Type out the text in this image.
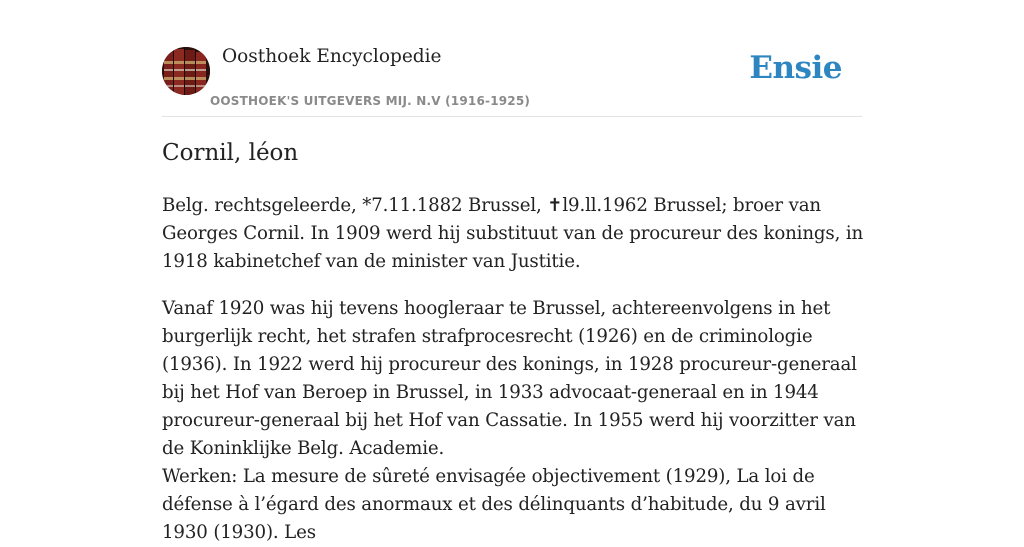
Oosthoek Encyclopedie
OOSTHOEK'S UITGEVERS MIJ. N.V (1916-1925)
Ensie
Cornil, léon

Belg. rechtsgeleerde, *7.11.1882 Brussel, ✝l9.ll.1962 Brussel; broer van Georges Cornil. In 1909 werd hij substituut van de procureur des konings, in 1918 kabinetchef van de minister van Justitie.

Vanaf 1920 was hij tevens hoogleraar te Brussel, achtereenvolgens in het burgerlijk recht, het strafen strafprocesrecht (1926) en de criminologie (1936). In 1922 werd hij procureur des konings, in 1928 procureur-generaal bij het Hof van Beroep in Brussel, in 1933 advocaat-generaal en in 1944 procureur-generaal bij het Hof van Cassatie. In 1955 werd hij voorzitter van de Koninklijke Belg. Academie.

Werken: La mesure de sûreté envisagée objectivement (1929), La loi de défense à l’égard des anormaux et des délinquants d’habitude, du 9 avril 1930 (1930). Les
